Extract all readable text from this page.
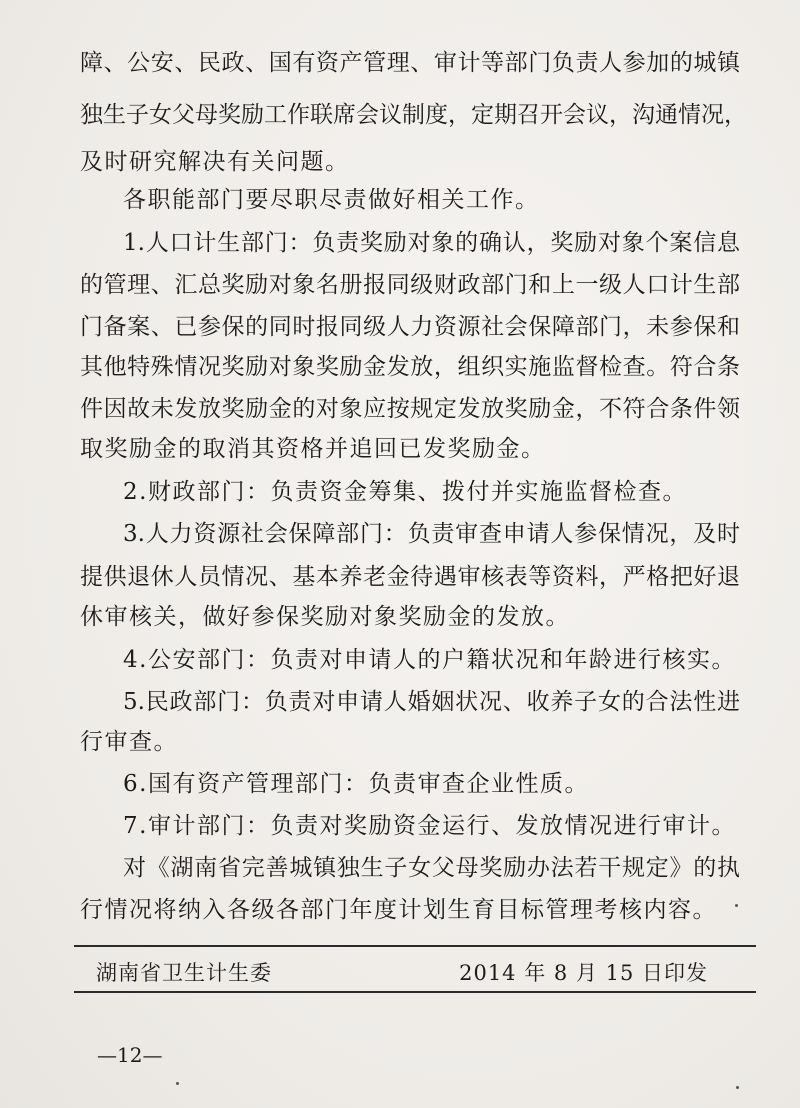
障、公安、民政、国有资产管理、审计等部门负责人参加的城镇
独生子女父母奖励工作联席会议制度，定期召开会议，沟通情况，
及时研究解决有关问题。
各职能部门要尽职尽责做好相关工作。
1.人口计生部门：负责奖励对象的确认，奖励对象个案信息
的管理、汇总奖励对象名册报同级财政部门和上一级人口计生部
门备案、已参保的同时报同级人力资源社会保障部门，未参保和
其他特殊情况奖励对象奖励金发放，组织实施监督检查。符合条
件因故未发放奖励金的对象应按规定发放奖励金，不符合条件领
取奖励金的取消其资格并追回已发奖励金。
2.财政部门：负责资金筹集、拨付并实施监督检查。
3.人力资源社会保障部门：负责审查申请人参保情况，及时
提供退休人员情况、基本养老金待遇审核表等资料，严格把好退
休审核关，做好参保奖励对象奖励金的发放。
4.公安部门：负责对申请人的户籍状况和年龄进行核实。
5.民政部门：负责对申请人婚姻状况、收养子女的合法性进
行审查。
6.国有资产管理部门：负责审查企业性质。
7.审计部门：负责对奖励资金运行、发放情况进行审计。
对《湖南省完善城镇独生子女父母奖励办法若干规定》的执
行情况将纳入各级各部门年度计划生育目标管理考核内容。
湖南省卫生计生委	2014 年 8 月 15 日印发
—12—
